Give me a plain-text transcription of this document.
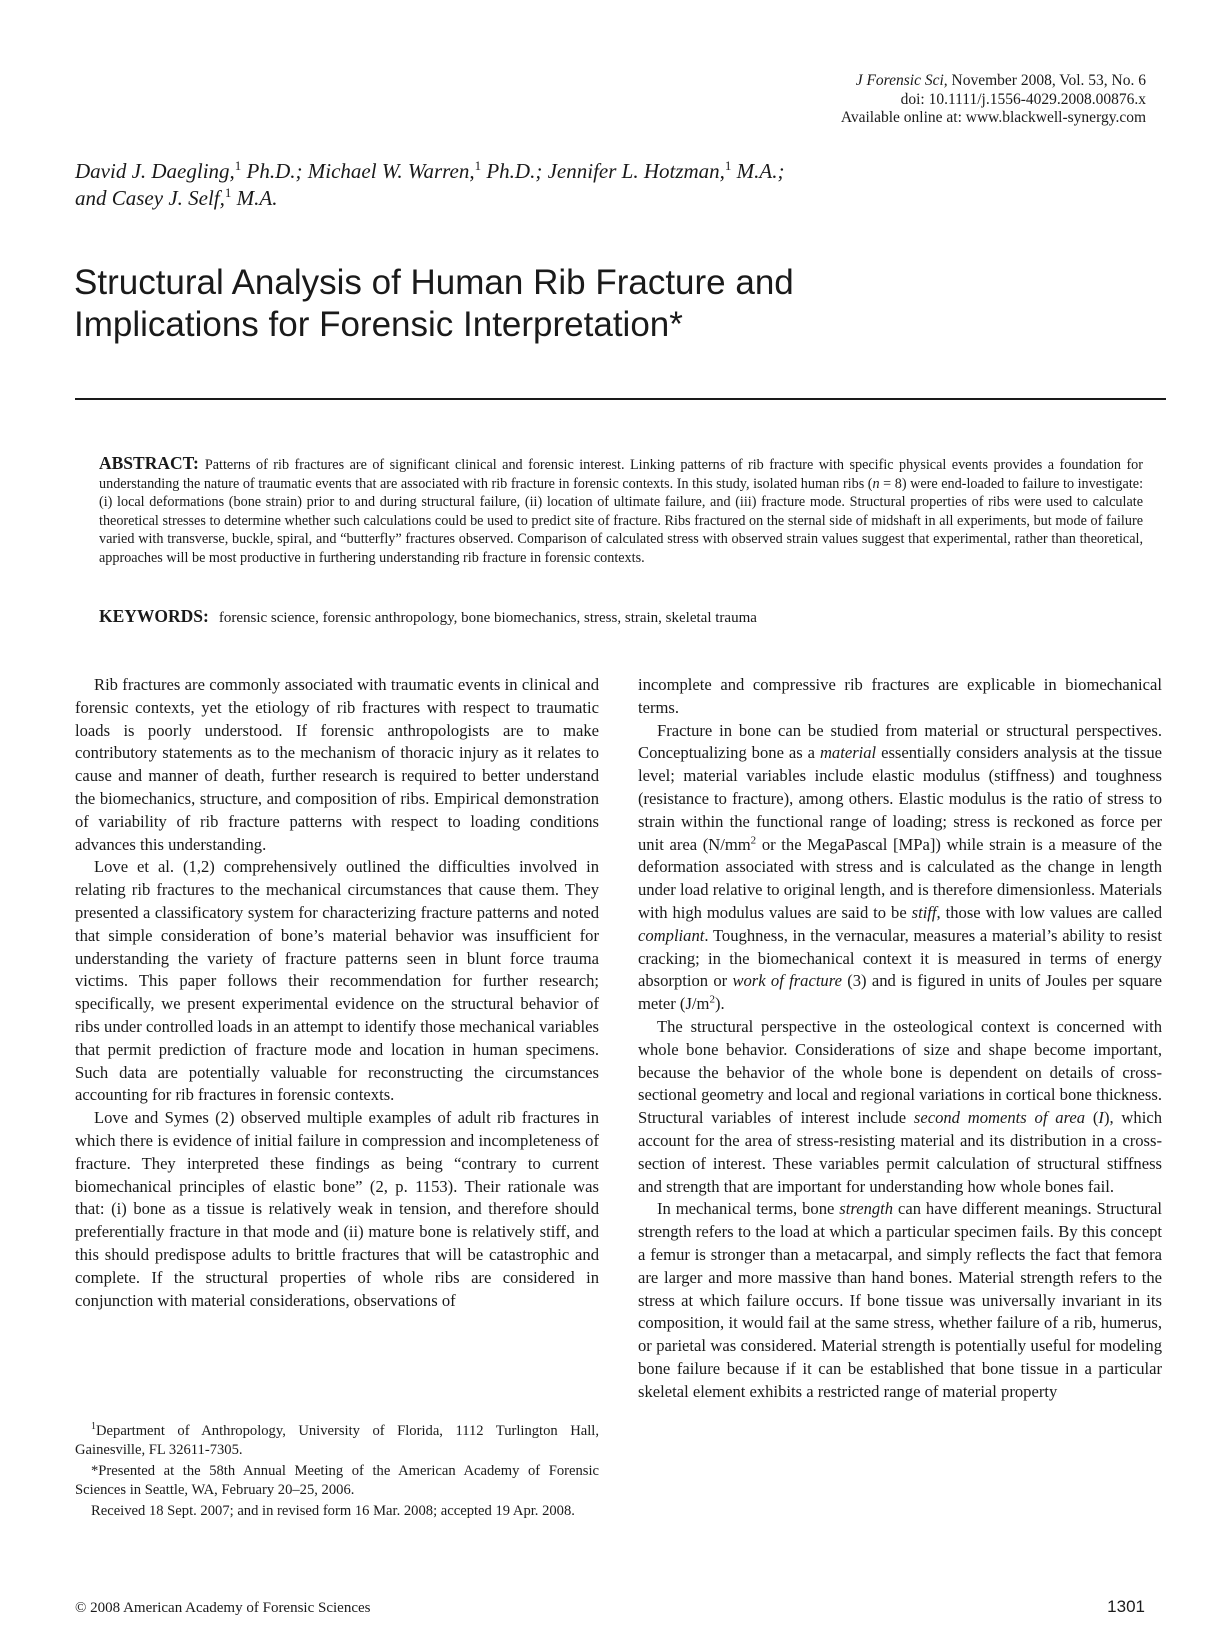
J Forensic Sci, November 2008, Vol. 53, No. 6
doi: 10.1111/j.1556-4029.2008.00876.x
Available online at: www.blackwell-synergy.com
David J. Daegling,$^1$ Ph.D.; Michael W. Warren,$^1$ Ph.D.; Jennifer L. Hotzman,$^1$ M.A.;
and Casey J. Self,$^1$ M.A.
Structural Analysis of Human Rib Fracture and
Implications for Forensic Interpretation*
ABSTRACT: Patterns of rib fractures are of significant clinical and forensic interest. Linking patterns of rib fracture with specific physical events provides a foundation for understanding the nature of traumatic events that are associated with rib fracture in forensic contexts. In this study, isolated human ribs (n = 8) were end-loaded to failure to investigate: (i) local deformations (bone strain) prior to and during structural failure, (ii) location of ultimate failure, and (iii) fracture mode. Structural properties of ribs were used to calculate theoretical stresses to determine whether such calculations could be used to predict site of fracture. Ribs fractured on the sternal side of midshaft in all experiments, but mode of failure varied with transverse, buckle, spiral, and “butterfly” fractures observed. Comparison of calculated stress with observed strain values suggest that experimental, rather than theoretical, approaches will be most productive in furthering understanding rib fracture in forensic contexts.
KEYWORDS: forensic science, forensic anthropology, bone biomechanics, stress, strain, skeletal trauma

Rib fractures are commonly associated with traumatic events in clinical and forensic contexts, yet the etiology of rib fractures with respect to traumatic loads is poorly understood. If forensic anthropologists are to make contributory statements as to the mechanism of thoracic injury as it relates to cause and manner of death, further research is required to better understand the biomechanics, structure, and composition of ribs. Empirical demonstration of variability of rib fracture patterns with respect to loading conditions advances this understanding.

Love et al. (1,2) comprehensively outlined the difficulties involved in relating rib fractures to the mechanical circumstances that cause them. They presented a classificatory system for characterizing fracture patterns and noted that simple consideration of bone’s material behavior was insufficient for understanding the variety of fracture patterns seen in blunt force trauma victims. This paper follows their recommendation for further research; specifically, we present experimental evidence on the structural behavior of ribs under controlled loads in an attempt to identify those mechanical variables that permit prediction of fracture mode and location in human specimens. Such data are potentially valuable for reconstructing the circumstances accounting for rib fractures in forensic contexts.

Love and Symes (2) observed multiple examples of adult rib fractures in which there is evidence of initial failure in compression and incompleteness of fracture. They interpreted these findings as being “contrary to current biomechanical principles of elastic bone” (2, p. 1153). Their rationale was that: (i) bone as a tissue is relatively weak in tension, and therefore should preferentially fracture in that mode and (ii) mature bone is relatively stiff, and this should predispose adults to brittle fractures that will be catastrophic and complete. If the structural properties of whole ribs are considered in conjunction with material considerations, observations of

incomplete and compressive rib fractures are explicable in biomechanical terms.

Fracture in bone can be studied from material or structural perspectives. Conceptualizing bone as a material essentially considers analysis at the tissue level; material variables include elastic modulus (stiffness) and toughness (resistance to fracture), among others. Elastic modulus is the ratio of stress to strain within the functional range of loading; stress is reckoned as force per unit area ($N/mm^2$ or the MegaPascal [MPa]) while strain is a measure of the deformation associated with stress and is calculated as the change in length under load relative to original length, and is therefore dimensionless. Materials with high modulus values are said to be stiff, those with low values are called compliant. Toughness, in the vernacular, measures a material’s ability to resist cracking; in the biomechanical context it is measured in terms of energy absorption or work of fracture (3) and is figured in units of Joules per square meter $(J/m^2)$.

The structural perspective in the osteological context is concerned with whole bone behavior. Considerations of size and shape become important, because the behavior of the whole bone is dependent on details of cross-sectional geometry and local and regional variations in cortical bone thickness. Structural variables of interest include second moments of area (I), which account for the area of stress-resisting material and its distribution in a cross-section of interest. These variables permit calculation of structural stiffness and strength that are important for understanding how whole bones fail.

In mechanical terms, bone strength can have different meanings. Structural strength refers to the load at which a particular specimen fails. By this concept a femur is stronger than a metacarpal, and simply reflects the fact that femora are larger and more massive than hand bones. Material strength refers to the stress at which failure occurs. If bone tissue was universally invariant in its composition, it would fail at the same stress, whether failure of a rib, humerus, or parietal was considered. Material strength is potentially useful for modeling bone failure because if it can be established that bone tissue in a particular skeletal element exhibits a restricted range of material property

$^1$Department of Anthropology, University of Florida, 1112 Turlington Hall, Gainesville, FL 32611-7305.

*Presented at the 58th Annual Meeting of the American Academy of Forensic Sciences in Seattle, WA, February 20–25, 2006.

Received 18 Sept. 2007; and in revised form 16 Mar. 2008; accepted 19 Apr. 2008.

© 2008 American Academy of Forensic Sciences	1301
